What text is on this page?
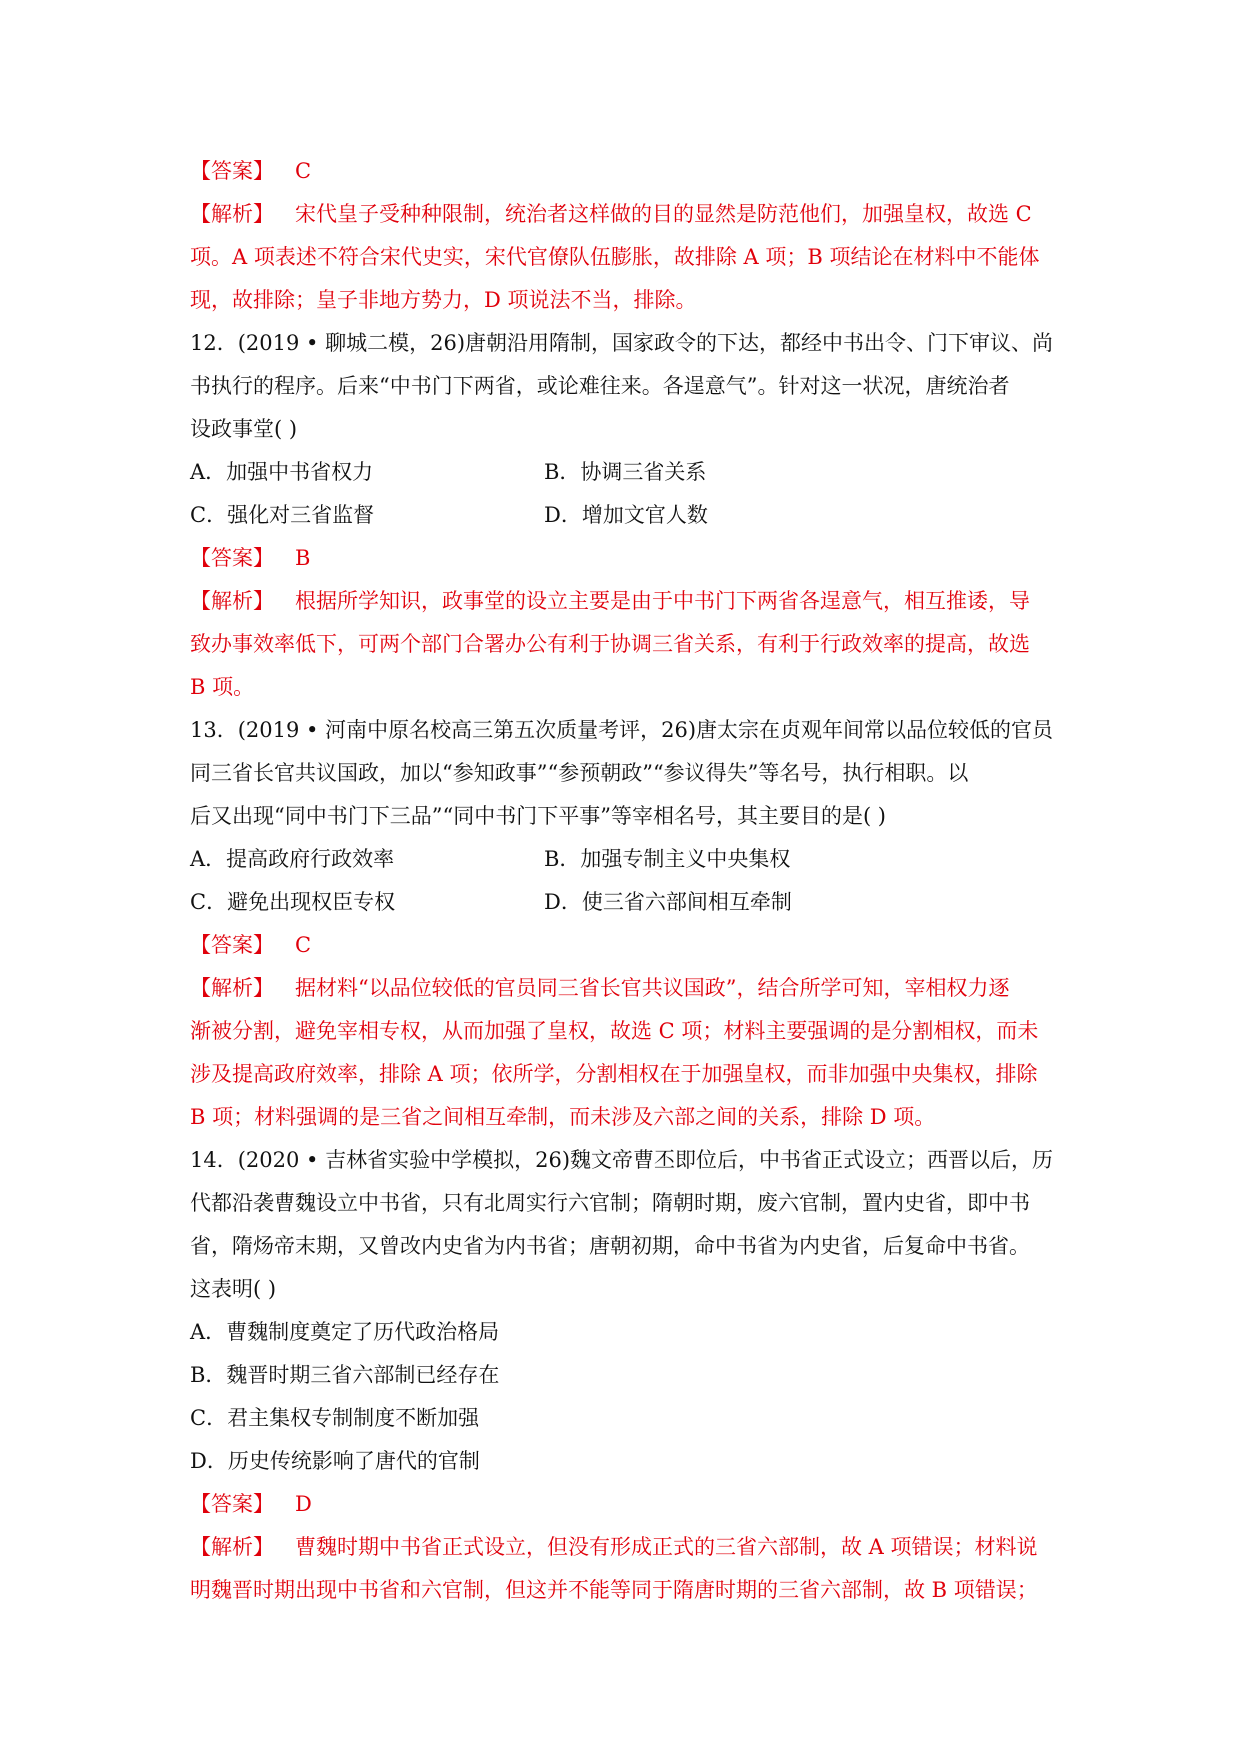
【答案】 C
【解析】 宋代皇子受种种限制，统治者这样做的目的显然是防范他们，加强皇权，故选 C
项。A 项表述不符合宋代史实，宋代官僚队伍膨胀，故排除 A 项；B 项结论在材料中不能体
现，故排除；皇子非地方势力，D 项说法不当，排除。
12．(2019 • 聊城二模，26)唐朝沿用隋制，国家政令的下达，都经中书出令、门下审议、尚
书执行的程序。后来“中书门下两省，或论难往来。各逞意气”。针对这一状况，唐统治者
设政事堂( )
A．加强中书省权力	B．协调三省关系
C．强化对三省监督	D．增加文官人数
【答案】 B
【解析】 根据所学知识，政事堂的设立主要是由于中书门下两省各逞意气，相互推诿，导
致办事效率低下，可两个部门合署办公有利于协调三省关系，有利于行政效率的提高，故选
B 项。
13．(2019 • 河南中原名校高三第五次质量考评，26)唐太宗在贞观年间常以品位较低的官员
同三省长官共议国政，加以“参知政事”“参预朝政”“参议得失”等名号，执行相职。以
后又出现“同中书门下三品”“同中书门下平事”等宰相名号，其主要目的是( )
A．提高政府行政效率	B．加强专制主义中央集权
C．避免出现权臣专权	D．使三省六部间相互牵制
【答案】 C
【解析】 据材料“以品位较低的官员同三省长官共议国政”，结合所学可知，宰相权力逐
渐被分割，避免宰相专权，从而加强了皇权，故选 C 项；材料主要强调的是分割相权，而未
涉及提高政府效率，排除 A 项；依所学，分割相权在于加强皇权，而非加强中央集权，排除
B 项；材料强调的是三省之间相互牵制，而未涉及六部之间的关系，排除 D 项。
14．(2020 • 吉林省实验中学模拟，26)魏文帝曹丕即位后，中书省正式设立；西晋以后，历
代都沿袭曹魏设立中书省，只有北周实行六官制；隋朝时期，废六官制，置内史省，即中书
省，隋炀帝末期，又曾改内史省为内书省；唐朝初期，命中书省为内史省，后复命中书省。
这表明( )
A．曹魏制度奠定了历代政治格局
B．魏晋时期三省六部制已经存在
C．君主集权专制制度不断加强
D．历史传统影响了唐代的官制
【答案】 D
【解析】 曹魏时期中书省正式设立，但没有形成正式的三省六部制，故 A 项错误；材料说
明魏晋时期出现中书省和六官制，但这并不能等同于隋唐时期的三省六部制，故 B 项错误；
